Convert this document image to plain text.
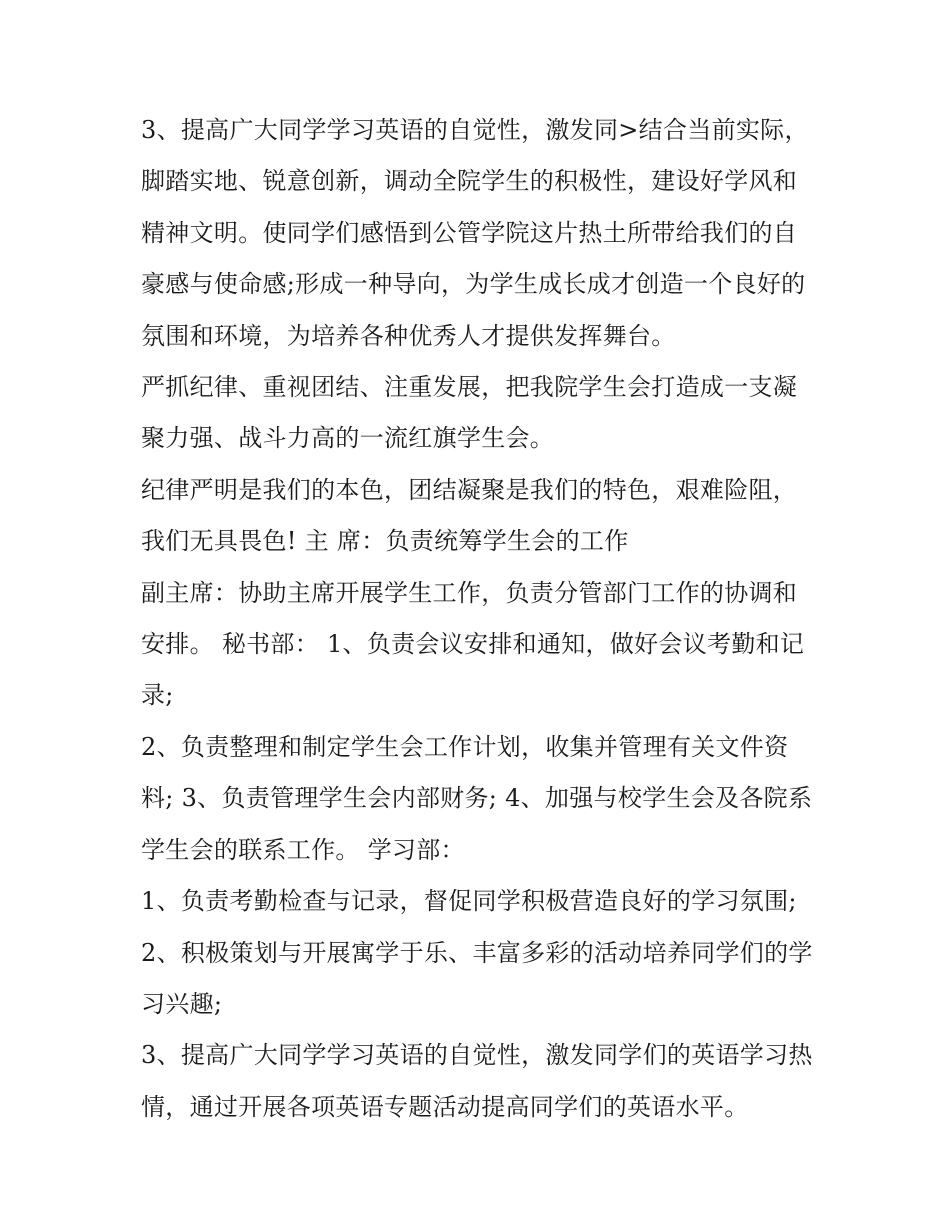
3、提高广大同学学习英语的自觉性，激发同>结合当前实际，脚踏实地、锐意创新，调动全院学生的积极性，建设好学风和精神文明。使同学们感悟到公管学院这片热土所带给我们的自豪感与使命感;形成一种导向，为学生成长成才创造一个良好的氛围和环境，为培养各种优秀人才提供发挥舞台。

严抓纪律、重视团结、注重发展，把我院学生会打造成一支凝聚力强、战斗力高的一流红旗学生会。

纪律严明是我们的本色，团结凝聚是我们的特色，艰难险阻，我们无具畏色! 主 席：负责统筹学生会的工作

副主席：协助主席开展学生工作，负责分管部门工作的协调和安排。 秘书部： 1、负责会议安排和通知，做好会议考勤和记录;

2、负责整理和制定学生会工作计划，收集并管理有关文件资料; 3、负责管理学生会内部财务; 4、加强与校学生会及各院系学生会的联系工作。 学习部：

1、负责考勤检查与记录，督促同学积极营造良好的学习氛围;

2、积极策划与开展寓学于乐、丰富多彩的活动培养同学们的学习兴趣;

3、提高广大同学学习英语的自觉性，激发同学们的英语学习热情，通过开展各项英语专题活动提高同学们的英语水平。
